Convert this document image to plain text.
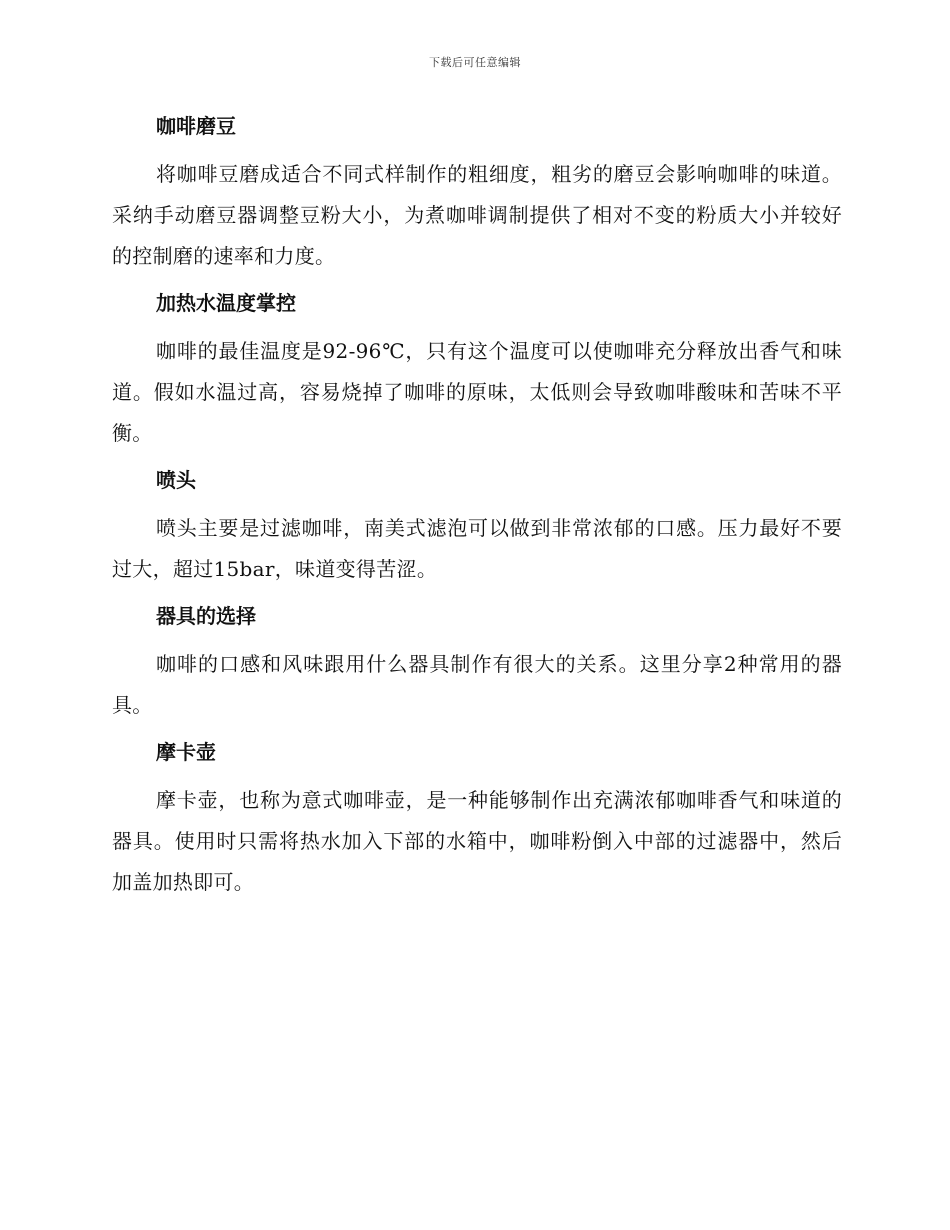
下载后可任意编辑
咖啡磨豆

将咖啡豆磨成适合不同式样制作的粗细度，粗劣的磨豆会影响咖啡的味道。采纳手动磨豆器调整豆粉大小，为煮咖啡调制提供了相对不变的粉质大小并较好的控制磨的速率和力度。

加热水温度掌控

咖啡的最佳温度是92-96℃，只有这个温度可以使咖啡充分释放出香气和味道。假如水温过高，容易烧掉了咖啡的原味，太低则会导致咖啡酸味和苦味不平衡。

喷头

喷头主要是过滤咖啡，南美式滤泡可以做到非常浓郁的口感。压力最好不要过大，超过15bar，味道变得苦涩。

器具的选择

咖啡的口感和风味跟用什么器具制作有很大的关系。这里分享2种常用的器具。

摩卡壶

摩卡壶，也称为意式咖啡壶，是一种能够制作出充满浓郁咖啡香气和味道的器具。使用时只需将热水加入下部的水箱中，咖啡粉倒入中部的过滤器中，然后加盖加热即可。
